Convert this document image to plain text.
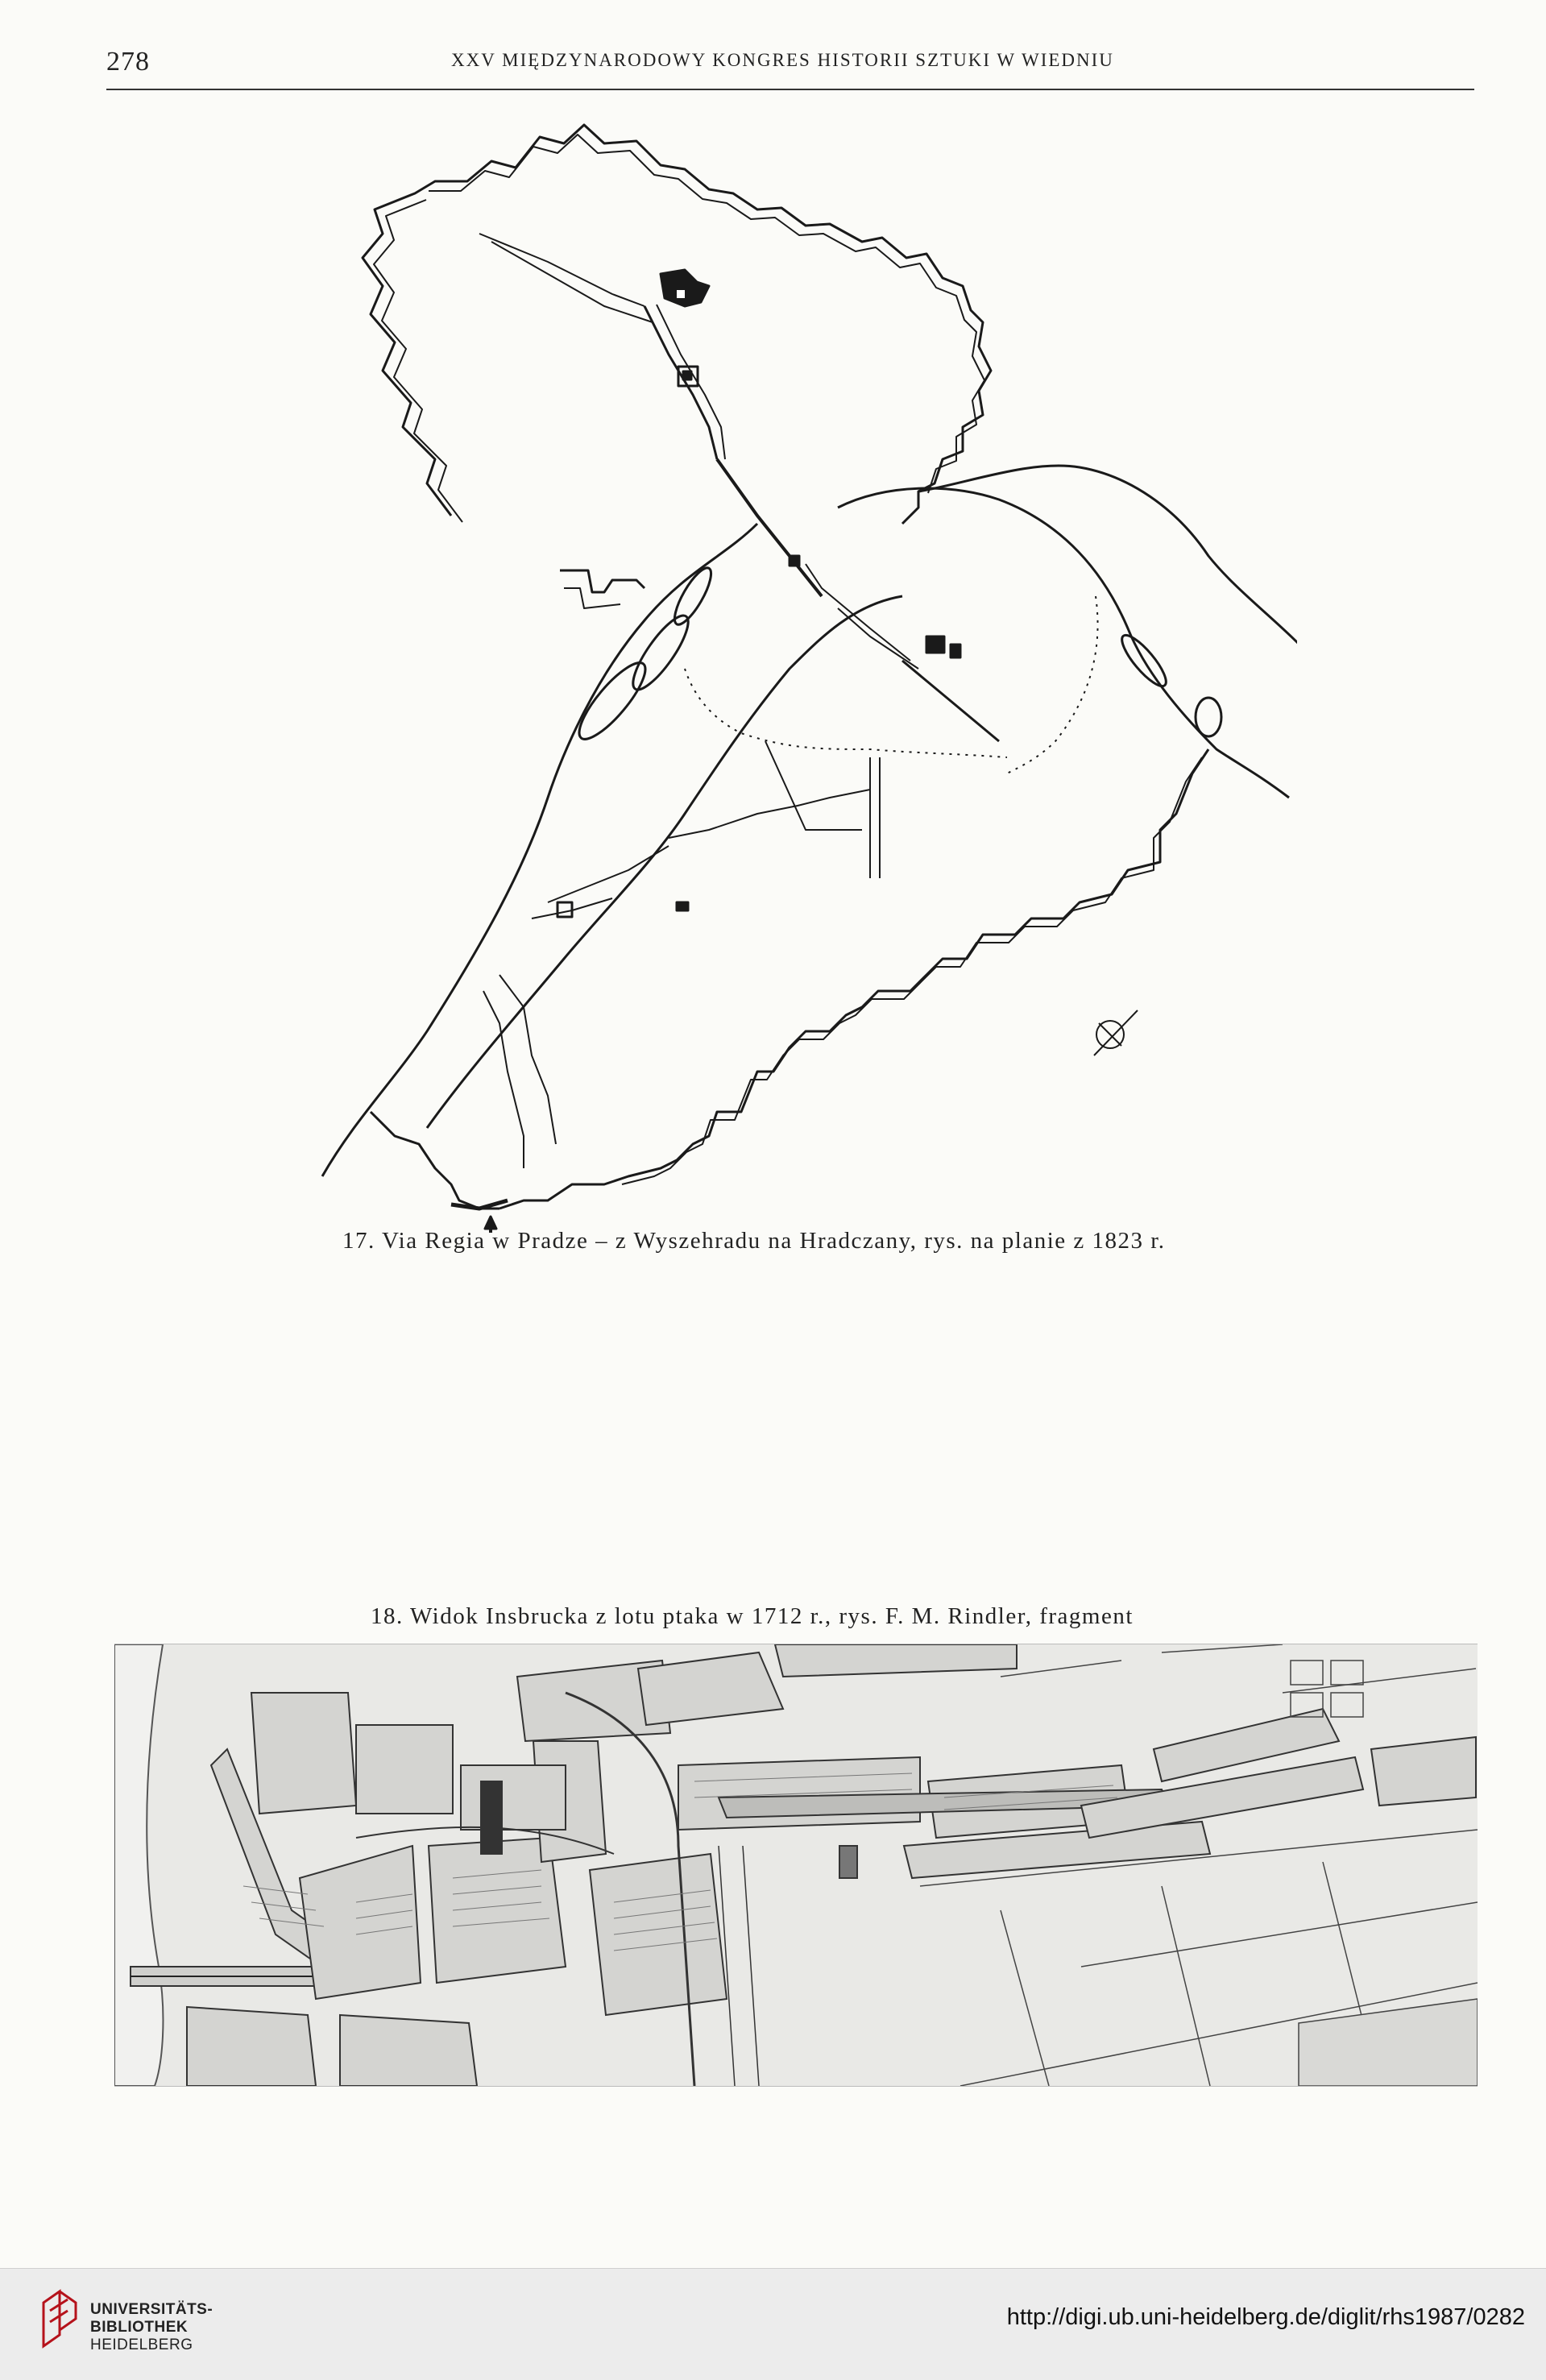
278	XXV MIĘDZYNARODOWY KONGRES HISTORII SZTUKI W WIEDNIU
17. Via Regia w Pradze – z Wyszehradu na Hradczany, rys. na planie z 1823 r.
18. Widok Insbrucka z lotu ptaka w 1712 r., rys. F. M. Rindler, fragment
UNIVERSITÄTS-
BIBLIOTHEK
HEIDELBERG
http://digi.ub.uni-heidelberg.de/diglit/rhs1987/0282
